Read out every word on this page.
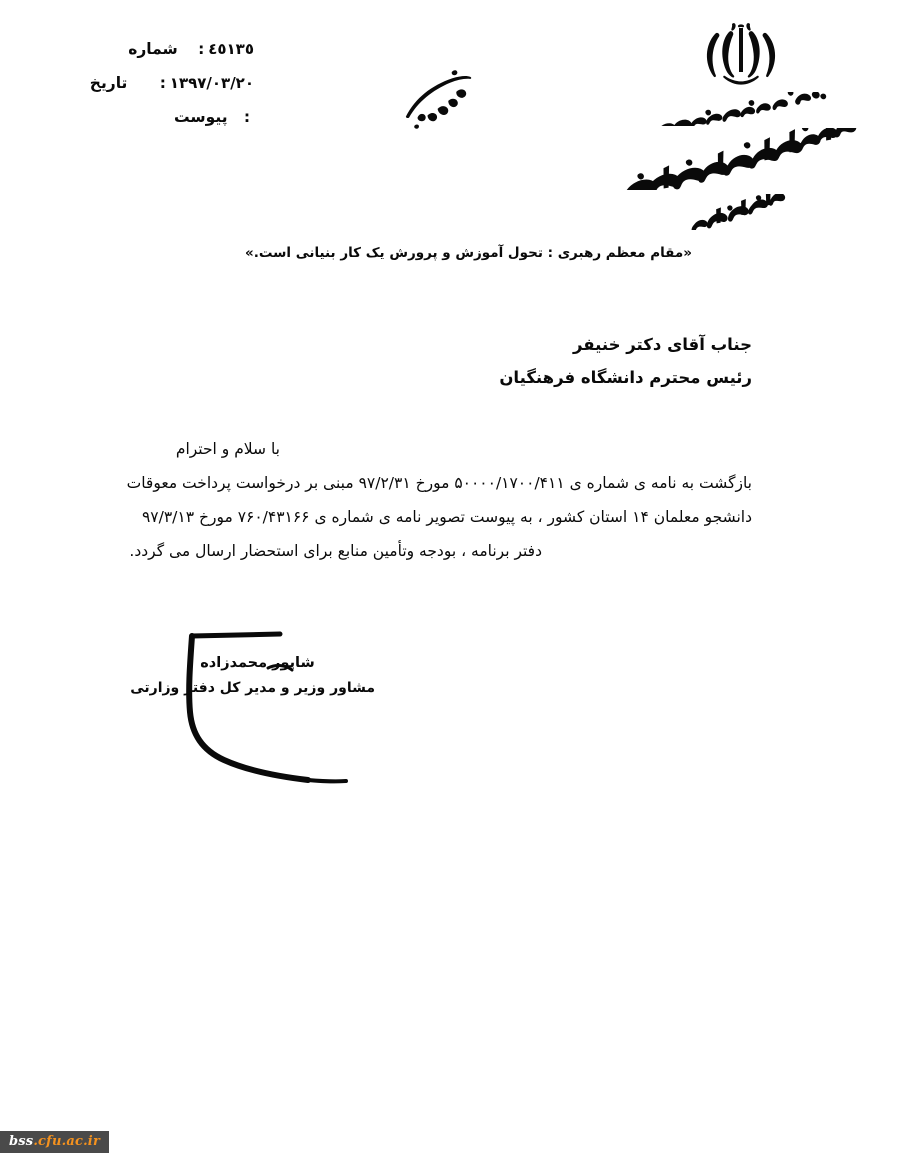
٤٥١٣٥
:
شماره
١٣٩٧/٠٣/٢٠
:
تاریخ
:
پیوست
«مقام معظم رهبری : تحول آموزش و پرورش یک کار بنیانی است.»
جناب آقای دکتر خنیفر
رئیس محترم دانشگاه فرهنگیان
با سلام و احترام
بازگشت به نامه ی شماره ی ۵۰۰۰۰/۱۷۰۰/۴۱۱ مورخ ۹۷/۲/۳۱ مبنی بر درخواست پرداخت معوقات
دانشجو معلمان ۱۴ استان کشور ، به پیوست تصویر نامه ی شماره ی ۷۶۰/۴۳۱۶۶ مورخ ۹۷/۳/۱۳
دفتر برنامه ، بودجه وتأمین منابع برای استحضار ارسال می گردد.
شاپور محمدزاده
مشاور وزیر و مدیر کل دفتر وزارتی
bss.cfu.ac.ir
